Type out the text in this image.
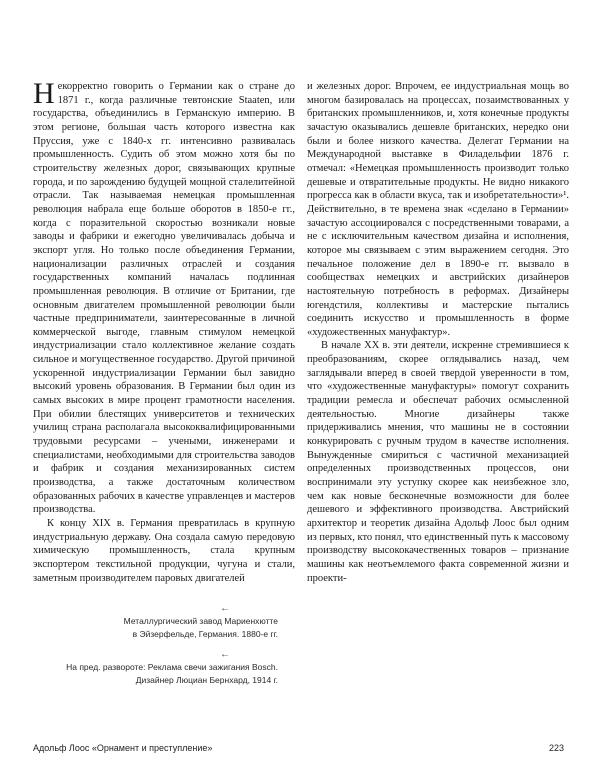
Некорректно говорить о Германии как о стране до 1871 г., когда различные тевтонские Staaten, или государства, объединились в Германскую империю. В этом регионе, большая часть которого известна как Пруссия, уже с 1840-х гг. интенсивно развивалась промышленность. Судить об этом можно хотя бы по строительству железных дорог, связывающих крупные города, и по зарождению будущей мощной сталелитейной отрасли. Так называемая немецкая промышленная революция набрала еще больше оборотов в 1850-е гг., когда с поразительной скоростью возникали новые заводы и фабрики и ежегодно увеличивалась добыча и экспорт угля. Но только после объединения Германии, национализации различных отраслей и создания государственных компаний началась подлинная промышленная революция. В отличие от Британии, где основным двигателем промышленной революции были частные предприниматели, заинтересованные в личной коммерческой выгоде, главным стимулом немецкой индустриализации стало коллективное желание создать сильное и могущественное государство. Другой причиной ускоренной индустриализации Германии был завидно высокий уровень образования. В Германии был один из самых высоких в мире процент грамотности населения. При обилии блестящих университетов и технических училищ страна располагала высококвалифицированными трудовыми ресурсами – учеными, инженерами и специалистами, необходимыми для строительства заводов и фабрик и создания механизированных систем производства, а также достаточным количеством образованных рабочих в качестве управленцев и мастеров производства.

К концу XIX в. Германия превратилась в крупную индустриальную державу. Она создала самую передовую химическую промышленность, стала крупным экспортером текстильной продукции, чугуна и стали, заметным производителем паровых двигателей

и железных дорог. Впрочем, ее индустриальная мощь во многом базировалась на процессах, позаимствованных у британских промышленников, и, хотя конечные продукты зачастую оказывались дешевле британских, нередко они были и более низкого качества. Делегат Германии на Международной выставке в Филадельфии 1876 г. отмечал: «Немецкая промышленность производит только дешевые и отвратительные продукты. Не видно никакого прогресса как в области вкуса, так и изобретательности»¹. Действительно, в те времена знак «сделано в Германии» зачастую ассоциировался с посредственными товарами, а не с исключительным качеством дизайна и исполнения, которое мы связываем с этим выражением сегодня. Это печальное положение дел в 1890-е гг. вызвало в сообществах немецких и австрийских дизайнеров настоятельную потребность в реформах. Дизайнеры югендстиля, коллективы и мастерские пытались соединить искусство и промышленность в форме «художественных мануфактур».

В начале XX в. эти деятели, искренне стремившиеся к преобразованиям, скорее оглядывались назад, чем заглядывали вперед в своей твердой уверенности в том, что «художественные мануфактуры» помогут сохранить традиции ремесла и обеспечат рабочих осмысленной деятельностью. Многие дизайнеры также придерживались мнения, что машины не в состоянии конкурировать с ручным трудом в качестве исполнения. Вынужденные смириться с частичной механизацией определенных производственных процессов, они воспринимали эту уступку скорее как неизбежное зло, чем как новые бесконечные возможности для более дешевого и эффективного производства. Австрийский архитектор и теоретик дизайна Адольф Лоос был одним из первых, кто понял, что единственный путь к массовому производству высококачественных товаров – признание машины как неотъемлемого факта современной жизни и проекти-

←
Металлургический завод Мариенхютте
в Эйзерфельде, Германия. 1880-е гг.
←
На пред. развороте: Реклама свечи зажигания Bosch.
Дизайнер Люциан Бернхард, 1914 г.
Адольф Лоос «Орнамент и преступление»	223
